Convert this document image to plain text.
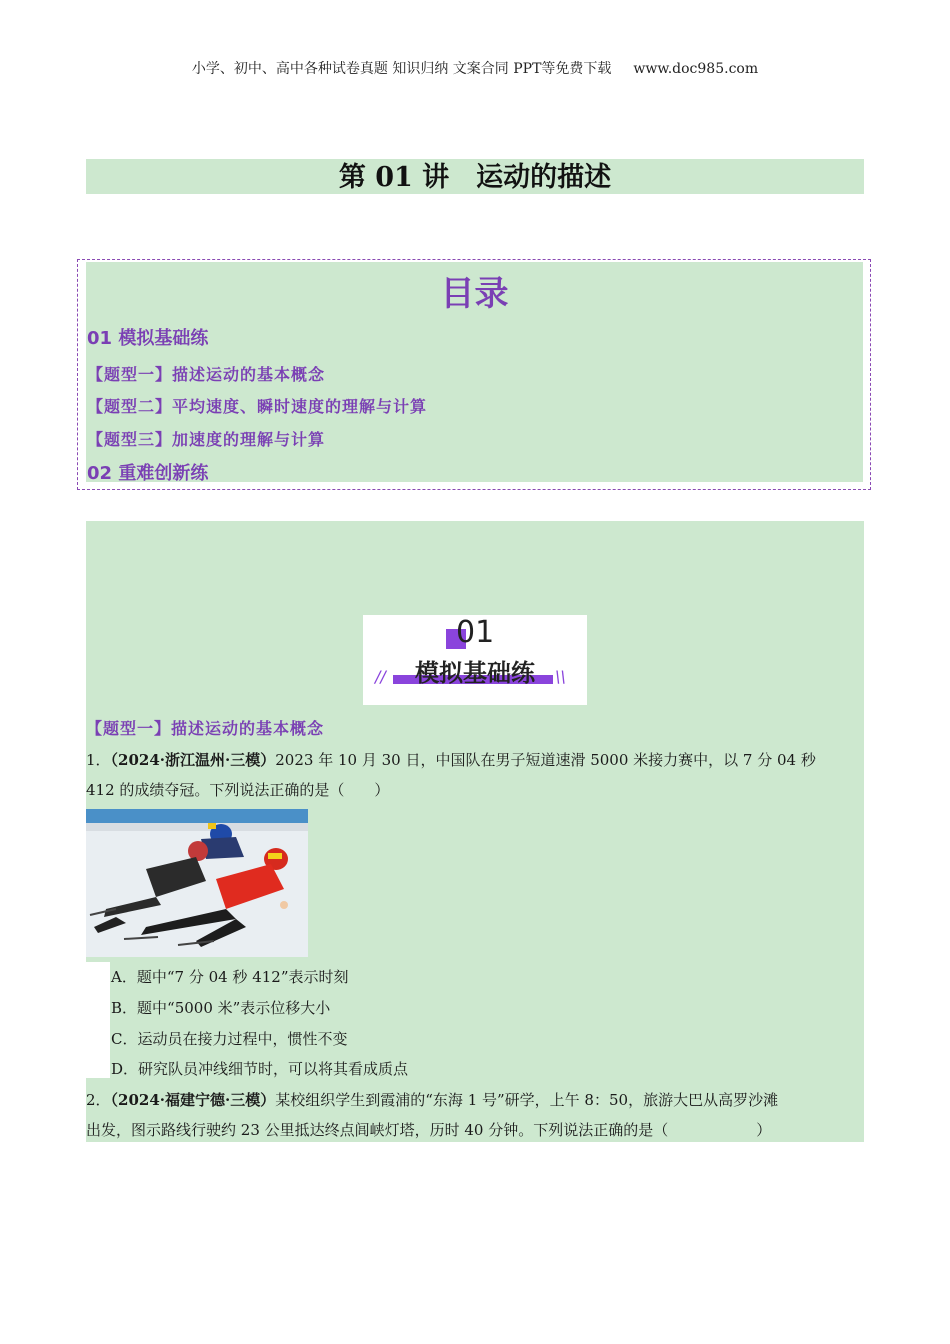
小学、初中、高中各种试卷真题 知识归纳 文案合同 PPT等免费下载 www.doc985.com
第 01 讲　运动的描述
目录
01 模拟基础练
【题型一】描述运动的基本概念
【题型二】平均速度、瞬时速度的理解与计算
【题型三】加速度的理解与计算
02 重难创新练
01
模拟基础练
//	\\
【题型一】描述运动的基本概念
1．（2024·浙江温州·三模）2023 年 10 月 30 日，中国队在男子短道速滑 5000 米接力赛中，以 7 分 04 秒
412 的成绩夺冠。下列说法正确的是（　　）
A．题中“7 分 04 秒 412”表示时刻
B．题中“5000 米”表示位移大小
C．运动员在接力过程中，惯性不变
D．研究队员冲线细节时，可以将其看成质点
2．（2024·福建宁德·三模）某校组织学生到霞浦的“东海 1 号”研学，上午 8：50，旅游大巴从高罗沙滩
出发，图示路线行驶约 23 公里抵达终点闾峡灯塔，历时 40 分钟。下列说法正确的是（	）
